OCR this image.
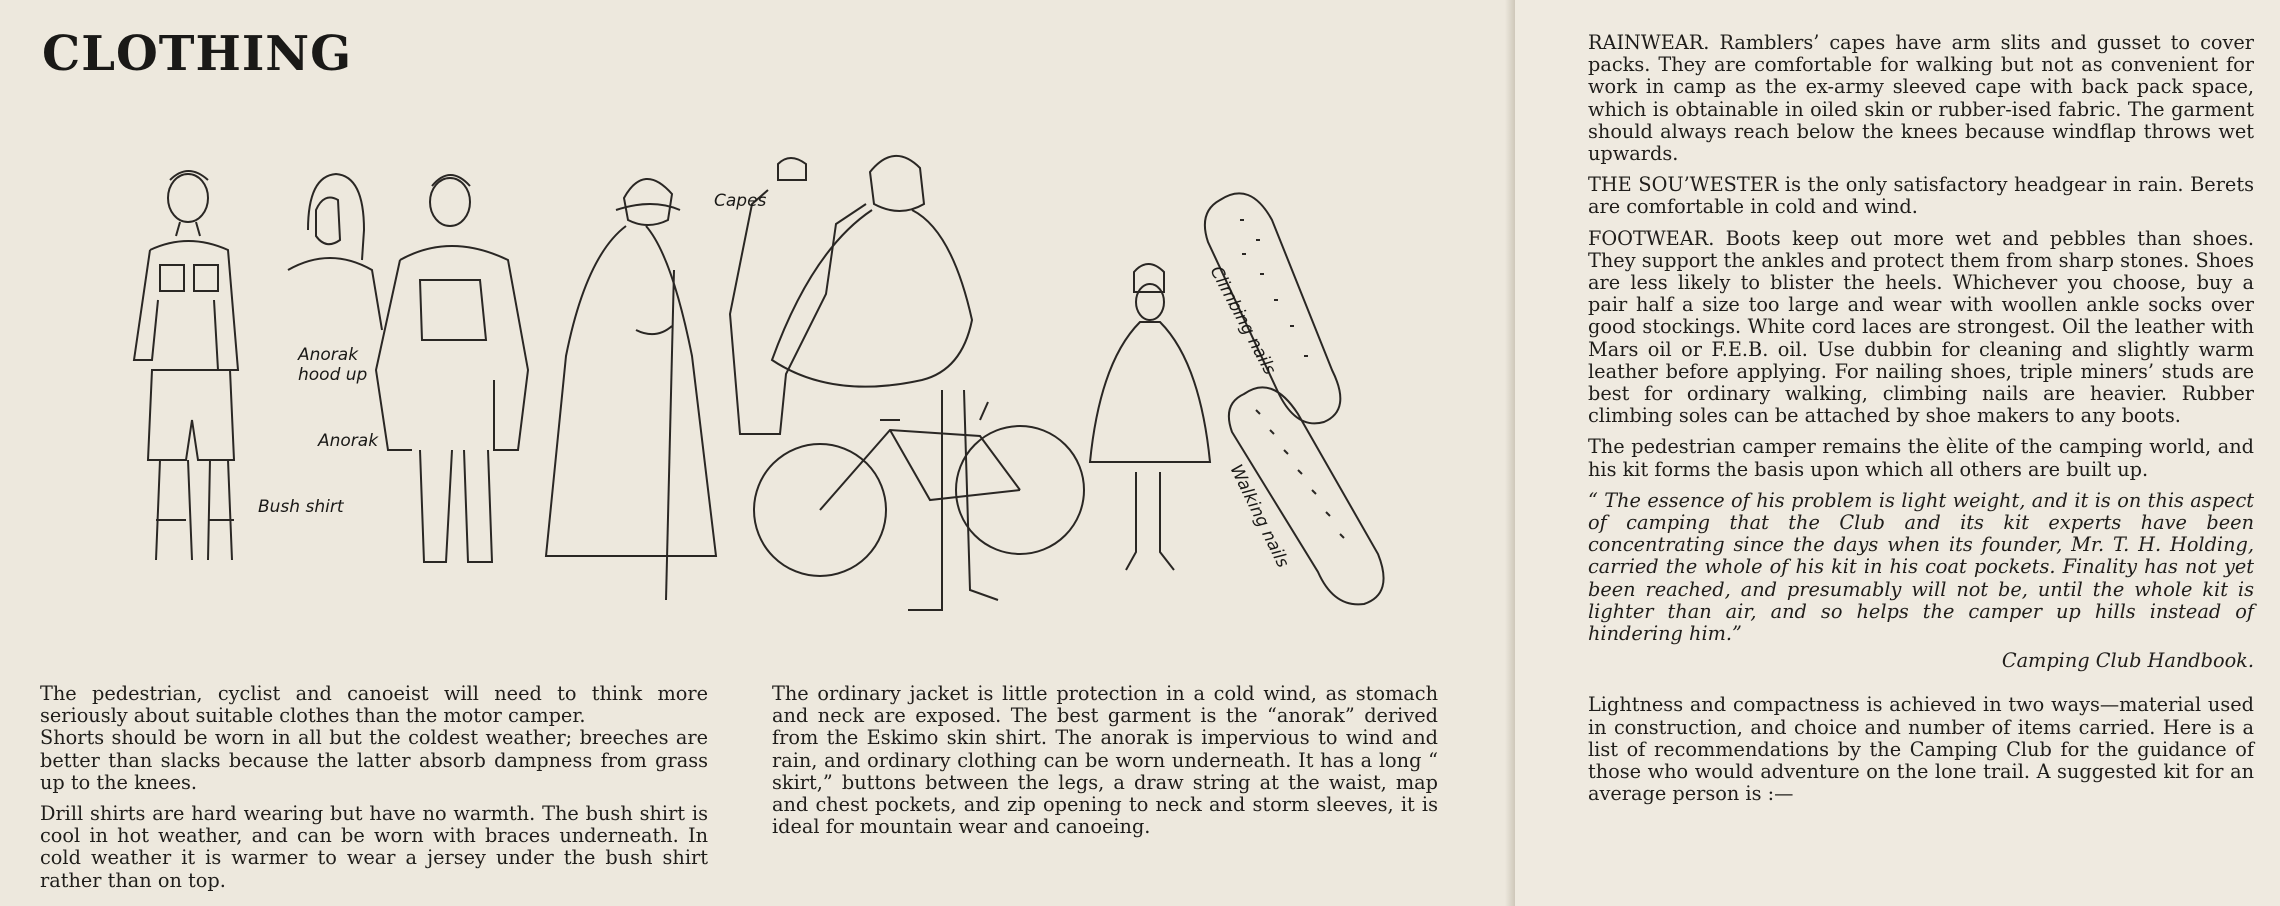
CLOTHING
Anorak
hood up
Anorak
Bush shirt
Capes
Climbing nails
Walking nails

The pedestrian, cyclist and canoeist will need to think more seriously about suitable clothes than the motor camper.

Shorts should be worn in all but the coldest weather; breeches are better than slacks because the latter absorb dampness from grass up to the knees.

Drill shirts are hard wearing but have no warmth. The bush shirt is cool in hot weather, and can be worn with braces underneath. In cold weather it is warmer to wear a jersey under the bush shirt rather than on top.

The ordinary jacket is little protection in a cold wind, as stomach and neck are exposed. The best garment is the “anorak” derived from the Eskimo skin shirt. The anorak is impervious to wind and rain, and ordinary clothing can be worn underneath. It has a long “ skirt,” buttons between the legs, a draw string at the waist, map and chest pockets, and zip opening to neck and storm sleeves, it is ideal for mountain wear and canoeing.

RAINWEAR. Ramblers’ capes have arm slits and gusset to cover packs. They are comfortable for walking but not as convenient for work in camp as the ex-army sleeved cape with back pack space, which is obtainable in oiled skin or rubber-ised fabric. The garment should always reach below the knees because windflap throws wet upwards.

THE SOU’WESTER is the only satisfactory headgear in rain. Berets are comfortable in cold and wind.

FOOTWEAR. Boots keep out more wet and pebbles than shoes. They support the ankles and protect them from sharp stones. Shoes are less likely to blister the heels. Whichever you choose, buy a pair half a size too large and wear with woollen ankle socks over good stockings. White cord laces are strongest. Oil the leather with Mars oil or F.E.B. oil. Use dubbin for cleaning and slightly warm leather before applying. For nailing shoes, triple miners’ studs are best for ordinary walking, climbing nails are heavier. Rubber climbing soles can be attached by shoe makers to any boots.

The pedestrian camper remains the èlite of the camping world, and his kit forms the basis upon which all others are built up.

“ The essence of his problem is light weight, and it is on this aspect of camping that the Club and its kit experts have been concentrating since the days when its founder, Mr. T. H. Holding, carried the whole of his kit in his coat pockets. Finality has not yet been reached, and presumably will not be, until the whole kit is lighter than air, and so helps the camper up hills instead of hindering him.”

Camping Club Handbook.

Lightness and compactness is achieved in two ways—material used in construction, and choice and number of items carried. Here is a list of recommendations by the Camping Club for the guidance of those who would adventure on the lone trail. A suggested kit for an average person is :—
